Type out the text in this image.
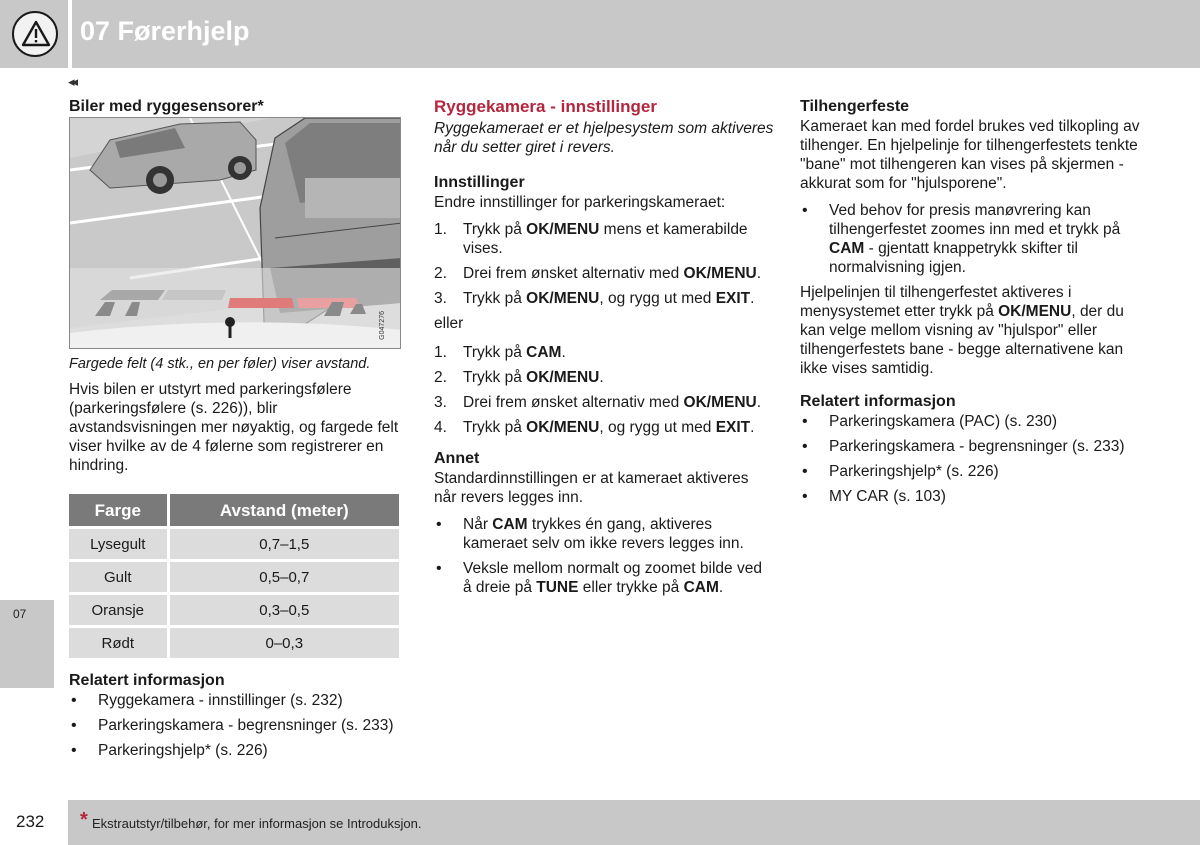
07 Førerhjelp
◂◂
07
Biler med ryggesensorer*
G047276

Fargede felt (4 stk., en per føler) viser avstand.

Hvis bilen er utstyrt med parkeringsfølere (parkeringsfølere (s. 226)), blir avstandsvisningen mer nøyaktig, og fargede felt viser hvilke av de 4 følerne som registrerer en hindring.

Farge	Avstand (meter)
Lysegult	0,7–1,5
Gult	0,5–0,7
Oransje	0,3–0,5
Rødt	0–0,3
Relatert informasjon
• Ryggekamera - innstillinger (s. 232)
• Parkeringskamera - begrensninger (s. 233)
• Parkeringshjelp* (s. 226)
Ryggekamera - innstillinger

Ryggekameraet er et hjelpesystem som aktiveres når du setter giret i revers.

Innstillinger

Endre innstillinger for parkeringskameraet:

1. Trykk på OK/MENU mens et kamerabilde vises.
2. Drei frem ønsket alternativ med OK/MENU.
3. Trykk på OK/MENU, og rygg ut med EXIT.

eller

1. Trykk på CAM.
2. Trykk på OK/MENU.
3. Drei frem ønsket alternativ med OK/MENU.
4. Trykk på OK/MENU, og rygg ut med EXIT.
Annet

Standardinnstillingen er at kameraet aktiveres når revers legges inn.

• Når CAM trykkes én gang, aktiveres kameraet selv om ikke revers legges inn.
• Veksle mellom normalt og zoomet bilde ved å dreie på TUNE eller trykke på CAM.
Tilhengerfeste

Kameraet kan med fordel brukes ved tilkopling av tilhenger. En hjelpelinje for tilhengerfestets tenkte "bane" mot tilhengeren kan vises på skjermen - akkurat som for "hjulsporene".

• Ved behov for presis manøvrering kan tilhengerfestet zoomes inn med et trykk på CAM - gjentatt knappetrykk skifter til normalvisning igjen.

Hjelpelinjen til tilhengerfestet aktiveres i menysystemet etter trykk på OK/MENU, der du kan velge mellom visning av "hjulspor" eller tilhengerfestets bane - begge alternativene kan ikke vises samtidig.

Relatert informasjon
• Parkeringskamera (PAC) (s. 230)
• Parkeringskamera - begrensninger (s. 233)
• Parkeringshjelp* (s. 226)
• MY CAR (s. 103)
232 * Ekstrautstyr/tilbehør, for mer informasjon se Introduksjon.
